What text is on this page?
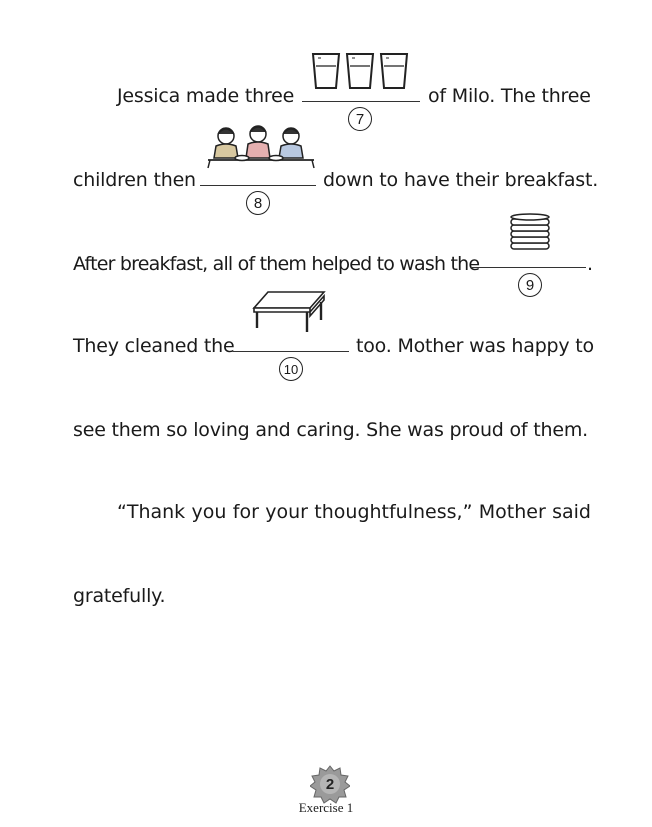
Jessica made three
7
of Milo. The three
children then
8
down to have their breakfast.
After breakfast, all of them helped to wash the
9
.
They cleaned the
10
too. Mother was happy to
see them so loving and caring. She was proud of them.
“Thank you for your thoughtfulness,” Mother said
gratefully.
2
Exercise 1
